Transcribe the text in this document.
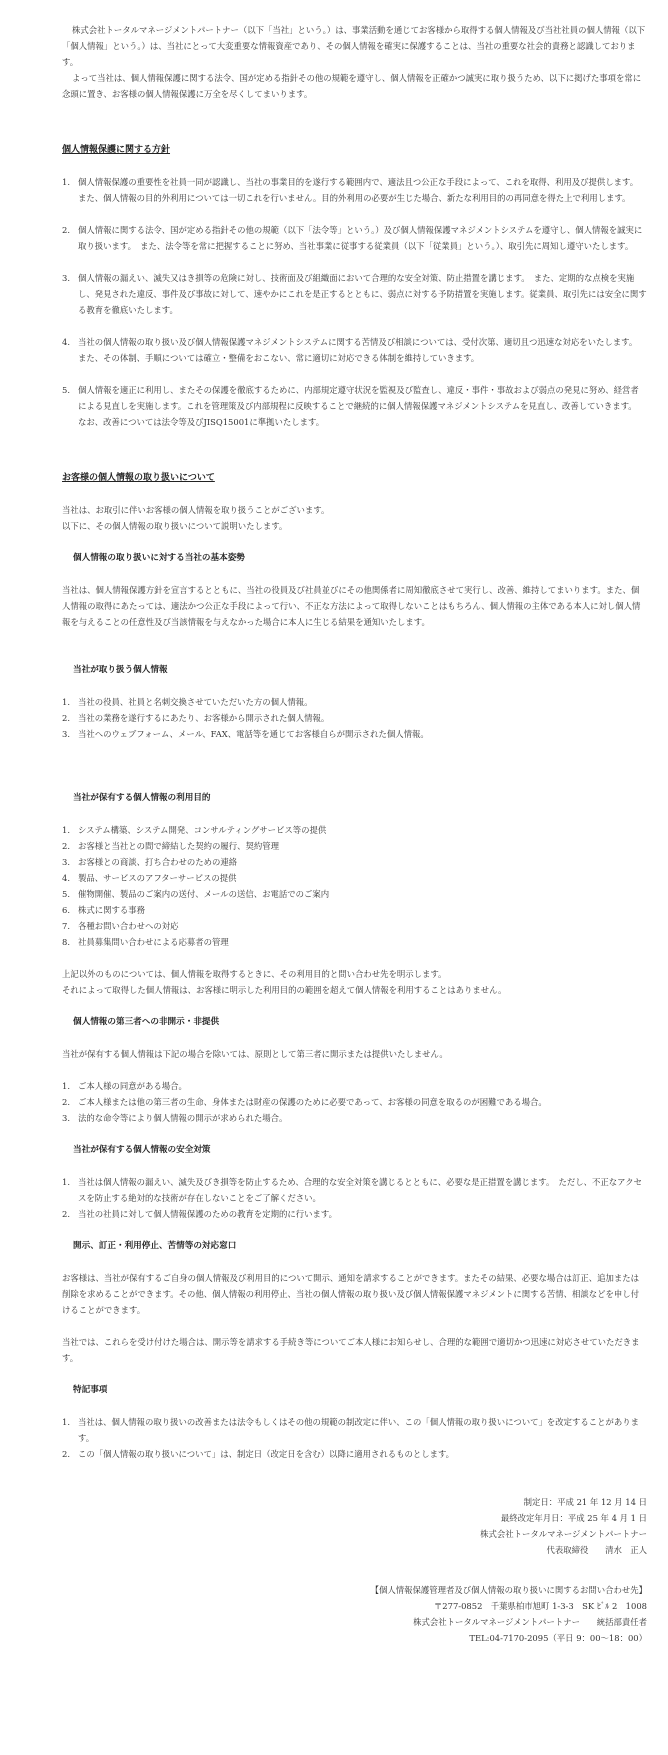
株式会社トータルマネージメントパートナー（以下「当社」という。）は、事業活動を通じてお客様から取得する個人情報及び当社社員の個人情報（以下「個人情報」という。）は、当社にとって大変重要な情報資産であり、その個人情報を確実に保護することは、当社の重要な社会的責務と認識しております。

よって当社は、個人情報保護に関する法令、国が定める指針その他の規範を遵守し、個人情報を正確かつ誠実に取り扱うため、以下に掲げた事項を常に念頭に置き、お客様の個人情報保護に万全を尽くしてまいります。

個人情報保護に関する方針
1. 個人情報保護の重要性を社員一同が認識し、当社の事業目的を遂行する範囲内で、適法且つ公正な手段によって、これを取得、利用及び提供します。　また、個人情報の目的外利用については一切これを行いません。目的外利用の必要が生じた場合、新たな利用目的の再同意を得た上で利用します。
2. 個人情報に関する法令、国が定める指針その他の規範（以下「法令等」という。）及び個人情報保護マネジメントシステムを遵守し、個人情報を誠実に取り扱います。　また、法令等を常に把握することに努め、当社事業に従事する従業員（以下「従業員」という。）、取引先に周知し遵守いたします。
3. 個人情報の漏えい、滅失又はき損等の危険に対し、技術面及び組織面において合理的な安全対策、防止措置を講じます。　また、定期的な点検を実施し、発見された違反、事件及び事故に対して、速やかにこれを是正するとともに、弱点に対する予防措置を実施します。従業員、取引先には安全に関する教育を徹底いたします。
4. 当社の個人情報の取り扱い及び個人情報保護マネジメントシステムに関する苦情及び相談については、受付次第、適切且つ迅速な対応をいたします。　また、その体制、手順については確立・整備をおこない、常に適切に対応できる体制を維持していきます。
5. 個人情報を適正に利用し、またその保護を徹底するために、内部規定遵守状況を監視及び監査し、違反・事件・事故および弱点の発見に努め、経営者による見直しを実施します。これを管理策及び内部規程に反映することで継続的に個人情報保護マネジメントシステムを見直し、改善していきます。　なお、改善については法令等及びJISQ15001に準拠いたします。
お客様の個人情報の取り扱いについて

当社は、お取引に伴いお客様の個人情報を取り扱うことがございます。

以下に、その個人情報の取り扱いについて説明いたします。

個人情報の取り扱いに対する当社の基本姿勢

当社は、個人情報保護方針を宣言するとともに、当社の役員及び社員並びにその他関係者に周知徹底させて実行し、改善、維持してまいります。また、個人情報の取得にあたっては、適法かつ公正な手段によって行い、不正な方法によって取得しないことはもちろん、個人情報の主体である本人に対し個人情報を与えることの任意性及び当該情報を与えなかった場合に本人に生じる結果を通知いたします。

当社が取り扱う個人情報
1. 当社の役員、社員と名刺交換させていただいた方の個人情報。
2. 当社の業務を遂行するにあたり、お客様から開示された個人情報。
3. 当社へのウェブフォーム、メール、FAX、電話等を通じてお客様自らが開示された個人情報。
当社が保有する個人情報の利用目的
1. システム構築、システム開発、コンサルティングサービス等の提供
2. お客様と当社との間で締結した契約の履行、契約管理
3. お客様との商談、打ち合わせのための連絡
4. 製品、サービスのアフターサービスの提供
5. 催物開催、製品のご案内の送付、メールの送信、お電話でのご案内
6. 株式に関する事務
7. 各種お問い合わせへの対応
8. 社員募集問い合わせによる応募者の管理

上記以外のものについては、個人情報を取得するときに、その利用目的と問い合わせ先を明示します。

それによって取得した個人情報は、お客様に明示した利用目的の範囲を超えて個人情報を利用することはありません。

個人情報の第三者への非開示・非提供

当社が保有する個人情報は下記の場合を除いては、原則として第三者に開示または提供いたしません。

1. ご本人様の同意がある場合。
2. ご本人様または他の第三者の生命、身体または財産の保護のために必要であって、お客様の同意を取るのが困難である場合。
3. 法的な命令等により個人情報の開示が求められた場合。
当社が保有する個人情報の安全対策
1. 当社は個人情報の漏えい、滅失及びき損等を防止するため、合理的な安全対策を講じるとともに、必要な是正措置を講じます。　ただし、不正なアクセスを防止する絶対的な技術が存在しないことをご了解ください。
2. 当社の社員に対して個人情報保護のための教育を定期的に行います。
開示、訂正・利用停止、苦情等の対応窓口

お客様は、当社が保有するご自身の個人情報及び利用目的について開示、通知を請求することができます。またその結果、必要な場合は訂正、追加または削除を求めることができます。その他、個人情報の利用停止、当社の個人情報の取り扱い及び個人情報保護マネジメントに関する苦情、相談などを申し付けることができます。

当社では、これらを受け付けた場合は、開示等を請求する手続き等についてご本人様にお知らせし、合理的な範囲で適切かつ迅速に対応させていただきます。

特記事項
1. 当社は、個人情報の取り扱いの改善または法令もしくはその他の規範の制改定に伴い、この「個人情報の取り扱いについて」を改定することがあります。
2. この「個人情報の取り扱いについて」は、制定日（改定日を含む）以降に適用されるものとします。

制定日：平成 21 年 12 月 14 日

最終改定年月日：平成 25 年 4 月 1 日

株式会社トータルマネージメントパートナー

代表取締役　　清水　正人

【個人情報保護管理者及び個人情報の取り扱いに関するお問い合わせ先】

〒277-0852　千葉県柏市旭町 1-3-3　SK ﾋﾞﾙ 2　1008

株式会社トータルマネージメントパートナー　　統括部責任者

TEL:04-7170-2095（平日 9：00～18：00）
